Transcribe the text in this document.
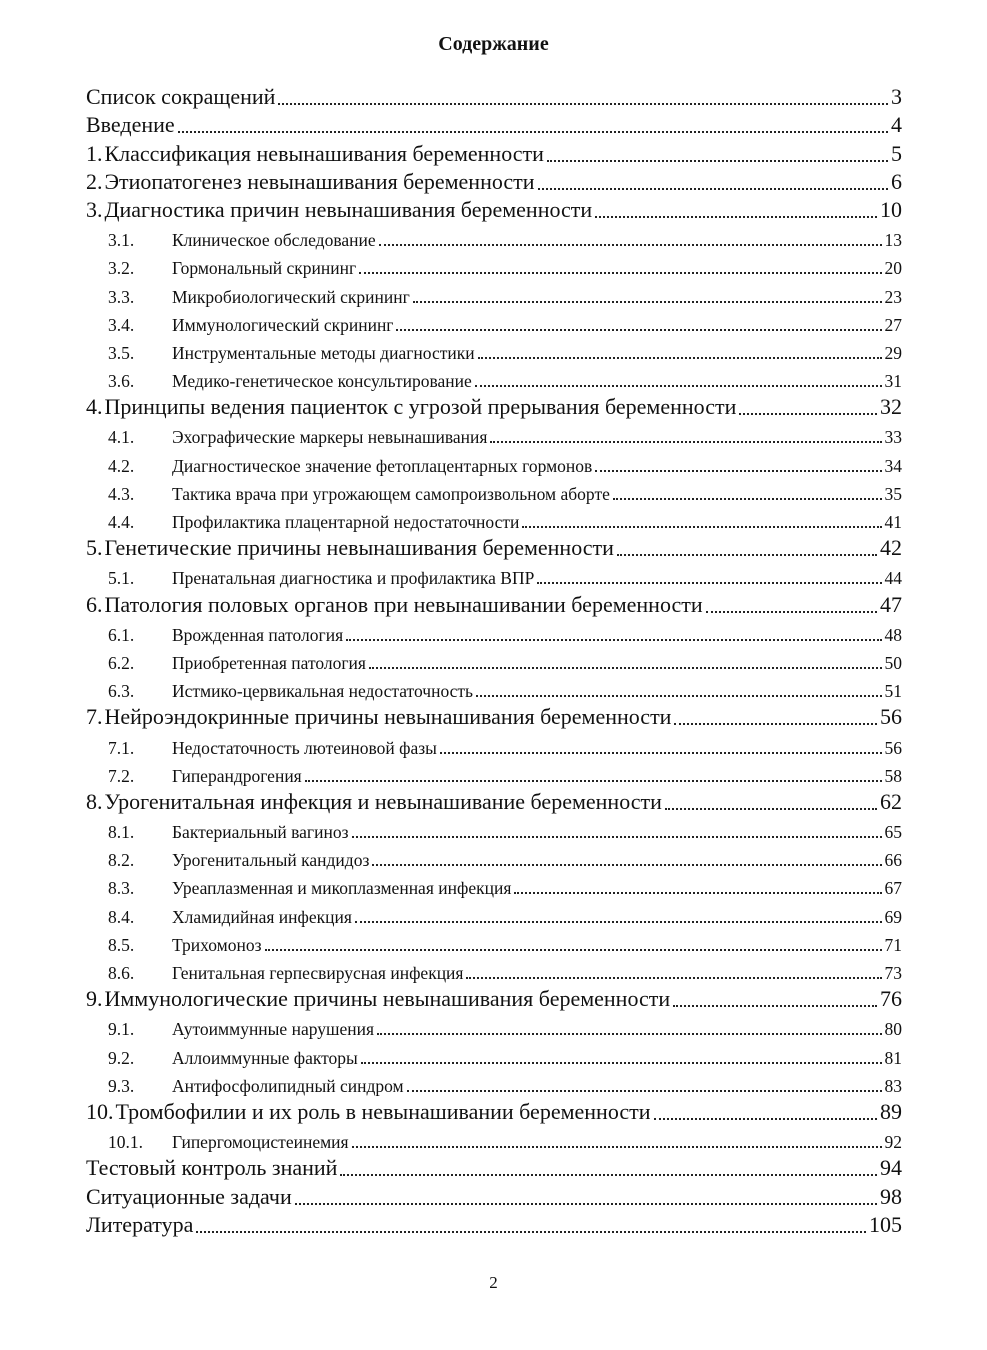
Содержание
Список сокращений	3
Введение	4
1. Классификация невынашивания беременности	5
2. Этиопатогенез невынашивания беременности	6
3. Диагностика причин невынашивания беременности	10
3.1.	Клиническое обследование	13
3.2.	Гормональный скрининг	20
3.3.	Микробиологический скрининг	23
3.4.	Иммунологический скрининг	27
3.5.	Инструментальные методы диагностики	29
3.6.	Медико-генетическое консультирование	31
4. Принципы ведения пациенток с угрозой прерывания беременности	32
4.1.	Эхографические маркеры невынашивания	33
4.2.	Диагностическое значение фетоплацентарных гормонов	34
4.3.	Тактика врача при угрожающем самопроизвольном аборте	35
4.4.	Профилактика плацентарной недостаточности	41
5. Генетические причины невынашивания беременности	42
5.1.	Пренатальная диагностика и профилактика ВПР	44
6. Патология половых органов при невынашивании беременности	47
6.1.	Врожденная патология	48
6.2.	Приобретенная патология	50
6.3.	Истмико-цервикальная недостаточность	51
7. Нейроэндокринные причины невынашивания беременности	56
7.1.	Недостаточность лютеиновой фазы	56
7.2.	Гиперандрогения	58
8. Урогенитальная инфекция и невынашивание беременности	62
8.1.	Бактериальный вагиноз	65
8.2.	Урогенитальный кандидоз	66
8.3.	Уреаплазменная и микоплазменная инфекция	67
8.4.	Хламидийная инфекция	69
8.5.	Трихомоноз	71
8.6.	Генитальная герпесвирусная инфекция	73
9. Иммунологические причины невынашивания беременности	76
9.1.	Аутоиммунные нарушения	80
9.2.	Аллоиммунные факторы	81
9.3.	Антифосфолипидный синдром	83
10. Тромбофилии и их роль в невынашивании беременности	89
10.1.	Гипергомоцистеинемия	92
Тестовый контроль знаний	94
Ситуационные задачи	98
Литература	105
2
